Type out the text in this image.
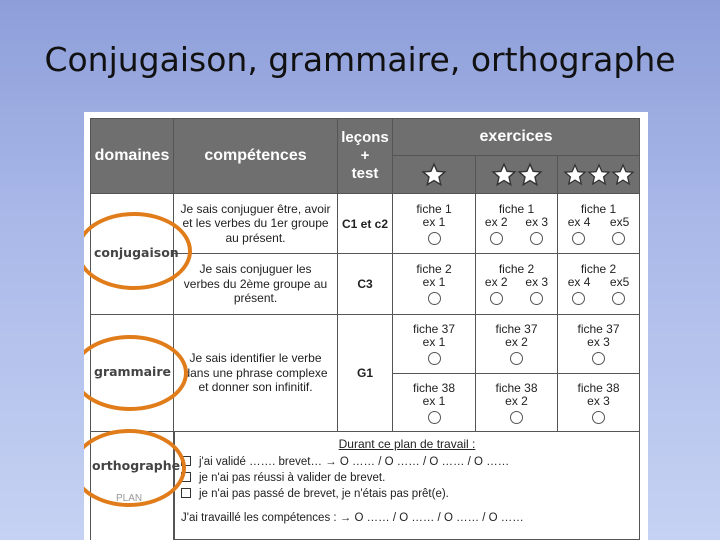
Conjugaison, grammaire, orthographe
domaines	compétences
leçons
+
test
exercices
Je sais conjuguer être, avoir et les verbes du 1er groupe au présent.
C1 et c2
fiche 1
ex 1
fiche 1
ex 2 ex 3
fiche 1
ex 4 ex5
Je sais conjuguer les verbes du 2ème groupe au présent.
C3
fiche 2
ex 1
fiche 2
ex 2 ex 3
fiche 2
ex 4 ex5
Je sais identifier le verbe dans une phrase complexe et donner son infinitif.
G1
fiche 37
ex 1
fiche 37
ex 2
fiche 37
ex 3
fiche 38
ex 1
fiche 38
ex 2
fiche 38
ex 3
Durant ce plan de travail :
j'ai validé ……. brevet… → O …… / O …… / O …… / O ……
je n'ai pas réussi à valider de brevet.
je n'ai pas passé de brevet, je n'étais pas prêt(e).
J'ai travaillé les compétences : → O …… / O …… / O …… / O ……
conjugaison
grammaire
orthographe
PLAN
